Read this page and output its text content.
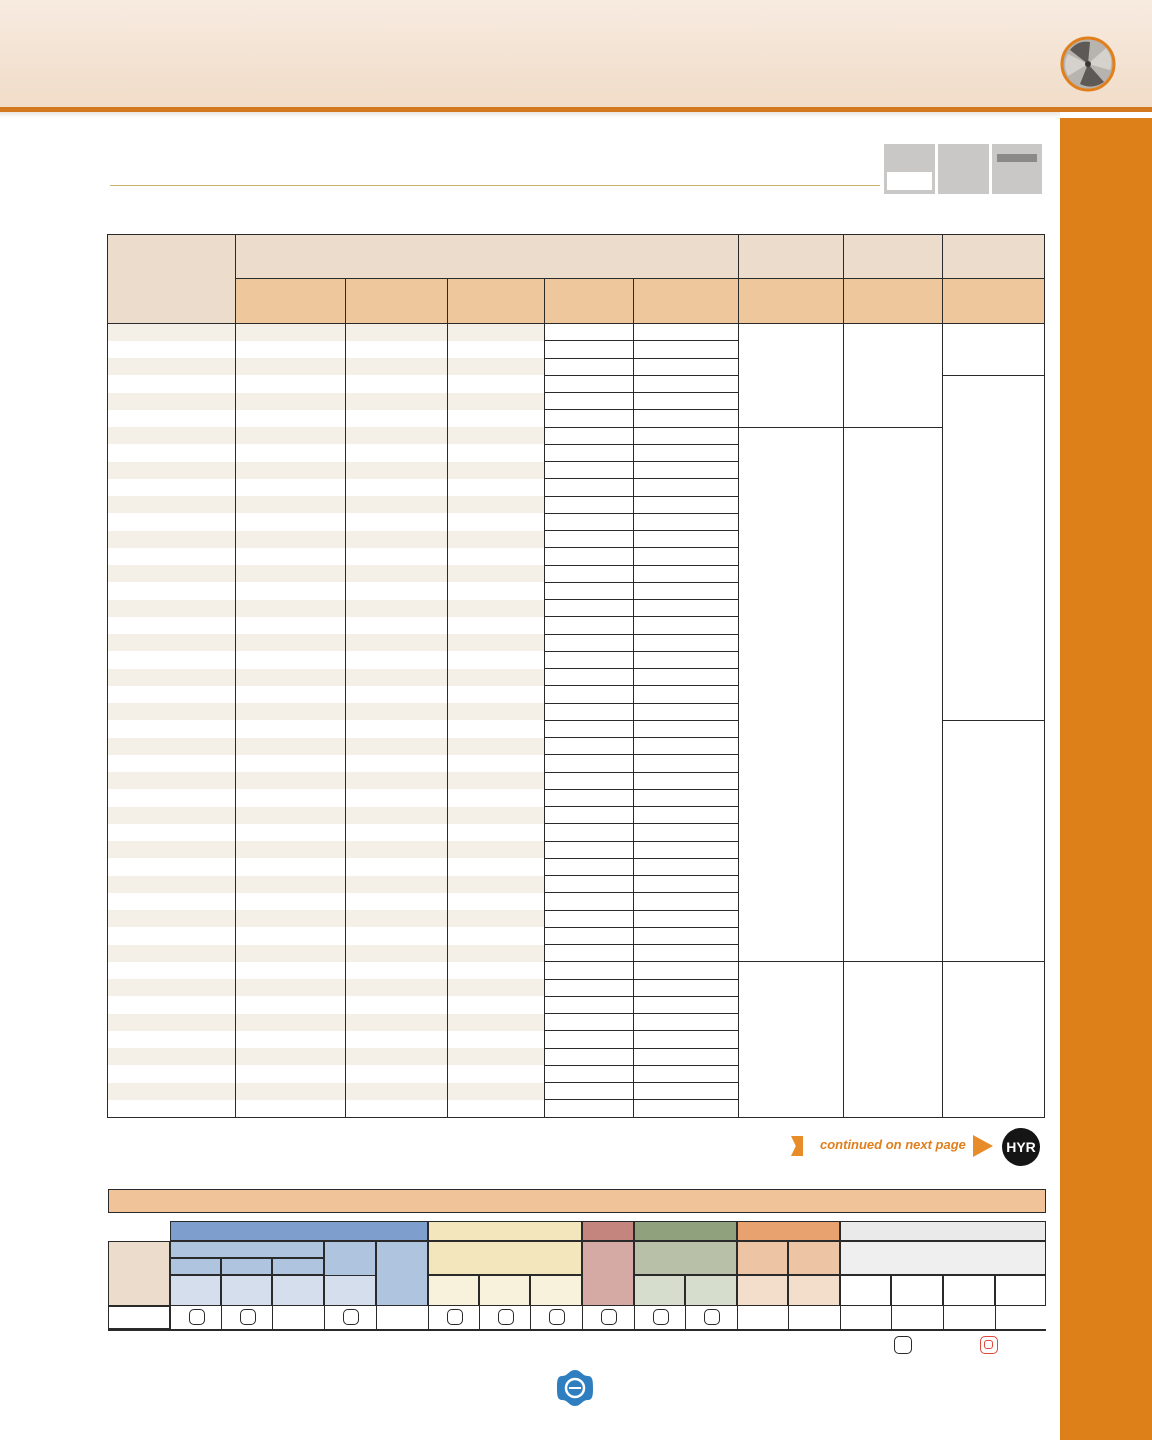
continued on next page	HYR
